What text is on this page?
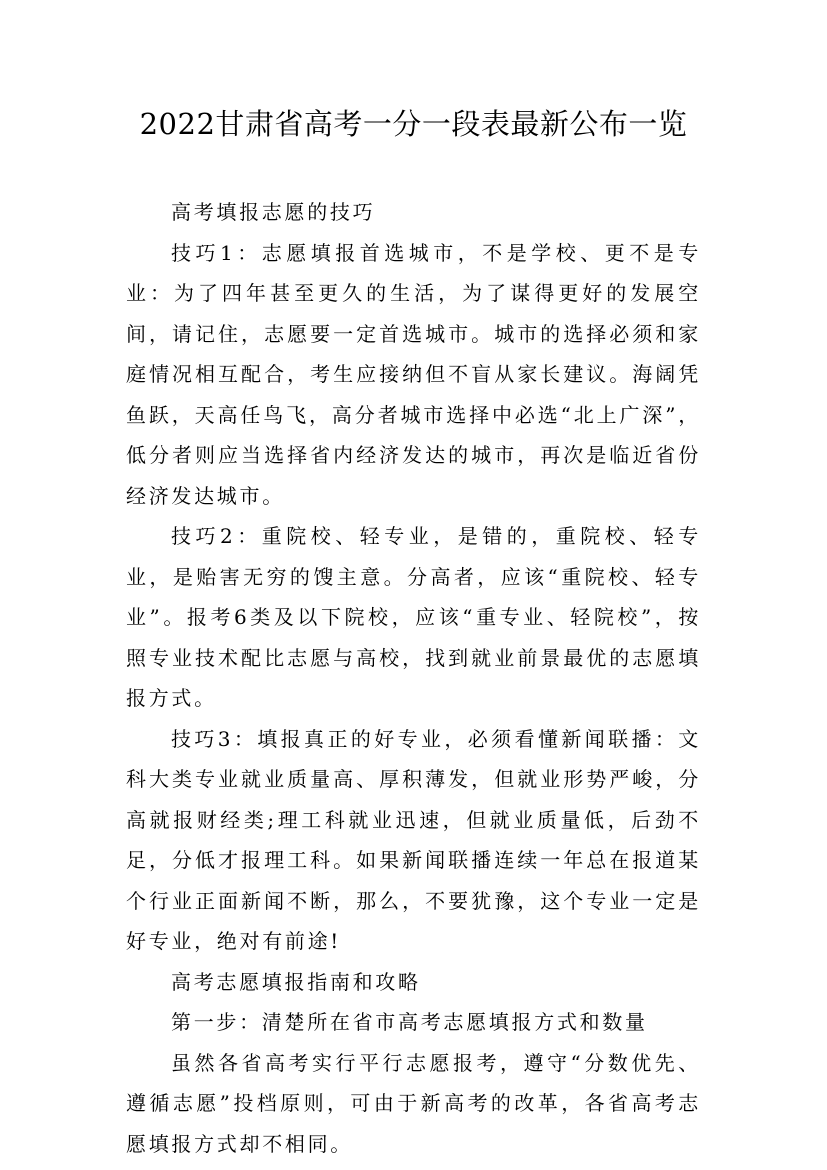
2022甘肃省高考一分一段表最新公布一览

高考填报志愿的技巧

技巧1：志愿填报首选城市，不是学校、更不是专业：为了四年甚至更久的生活，为了谋得更好的发展空间，请记住，志愿要一定首选城市。城市的选择必须和家庭情况相互配合，考生应接纳但不盲从家长建议。海阔凭鱼跃，天高任鸟飞，高分者城市选择中必选“北上广深”，低分者则应当选择省内经济发达的城市，再次是临近省份经济发达城市。

技巧2：重院校、轻专业，是错的，重院校、轻专业，是贻害无穷的馊主意。分高者，应该“重院校、轻专业”。报考6类及以下院校，应该“重专业、轻院校”，按照专业技术配比志愿与高校，找到就业前景最优的志愿填报方式。

技巧3：填报真正的好专业，必须看懂新闻联播：文科大类专业就业质量高、厚积薄发，但就业形势严峻，分高就报财经类;理工科就业迅速，但就业质量低，后劲不足，分低才报理工科。如果新闻联播连续一年总在报道某个行业正面新闻不断，那么，不要犹豫，这个专业一定是好专业，绝对有前途!

高考志愿填报指南和攻略

第一步：清楚所在省市高考志愿填报方式和数量

虽然各省高考实行平行志愿报考，遵守“分数优先、遵循志愿”投档原则，可由于新高考的改革，各省高考志愿填报方式却不相同。
